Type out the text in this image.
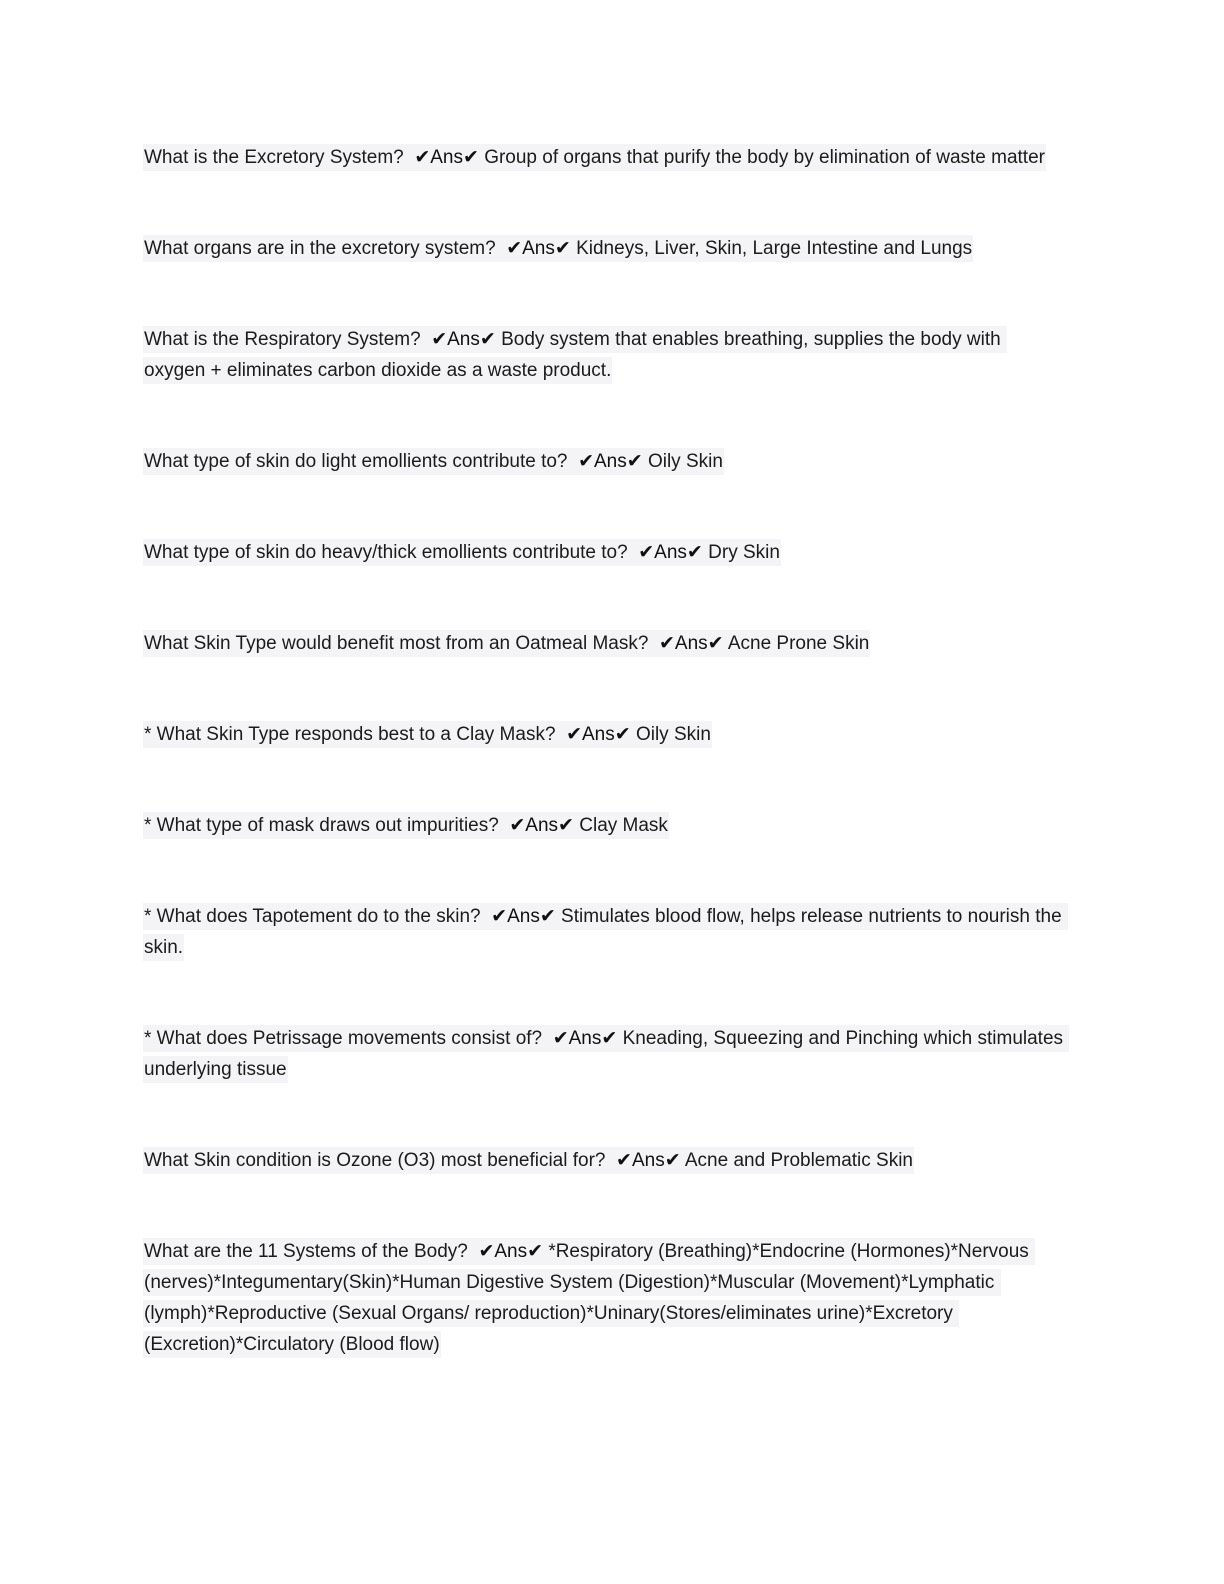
What is the Excretory System? ✔Ans✔ Group of organs that purify the body by elimination of waste matter

What organs are in the excretory system? ✔Ans✔ Kidneys, Liver, Skin, Large Intestine and Lungs

What is the Respiratory System? ✔Ans✔ Body system that enables breathing, supplies the body with oxygen + eliminates carbon dioxide as a waste product.

What type of skin do light emollients contribute to? ✔Ans✔ Oily Skin

What type of skin do heavy/thick emollients contribute to? ✔Ans✔ Dry Skin

What Skin Type would benefit most from an Oatmeal Mask? ✔Ans✔ Acne Prone Skin

* What Skin Type responds best to a Clay Mask? ✔Ans✔ Oily Skin

* What type of mask draws out impurities? ✔Ans✔ Clay Mask

* What does Tapotement do to the skin? ✔Ans✔ Stimulates blood flow, helps release nutrients to nourish the skin.

* What does Petrissage movements consist of? ✔Ans✔ Kneading, Squeezing and Pinching which stimulates underlying tissue

What Skin condition is Ozone (O3) most beneficial for? ✔Ans✔ Acne and Problematic Skin

What are the 11 Systems of the Body? ✔Ans✔ *Respiratory (Breathing)*Endocrine (Hormones)*Nervous (nerves)*Integumentary(Skin)*Human Digestive System (Digestion)*Muscular (Movement)*Lymphatic (lymph)*Reproductive (Sexual Organs/ reproduction)*Uninary(Stores/eliminates urine)*Excretory (Excretion)*Circulatory (Blood flow)
